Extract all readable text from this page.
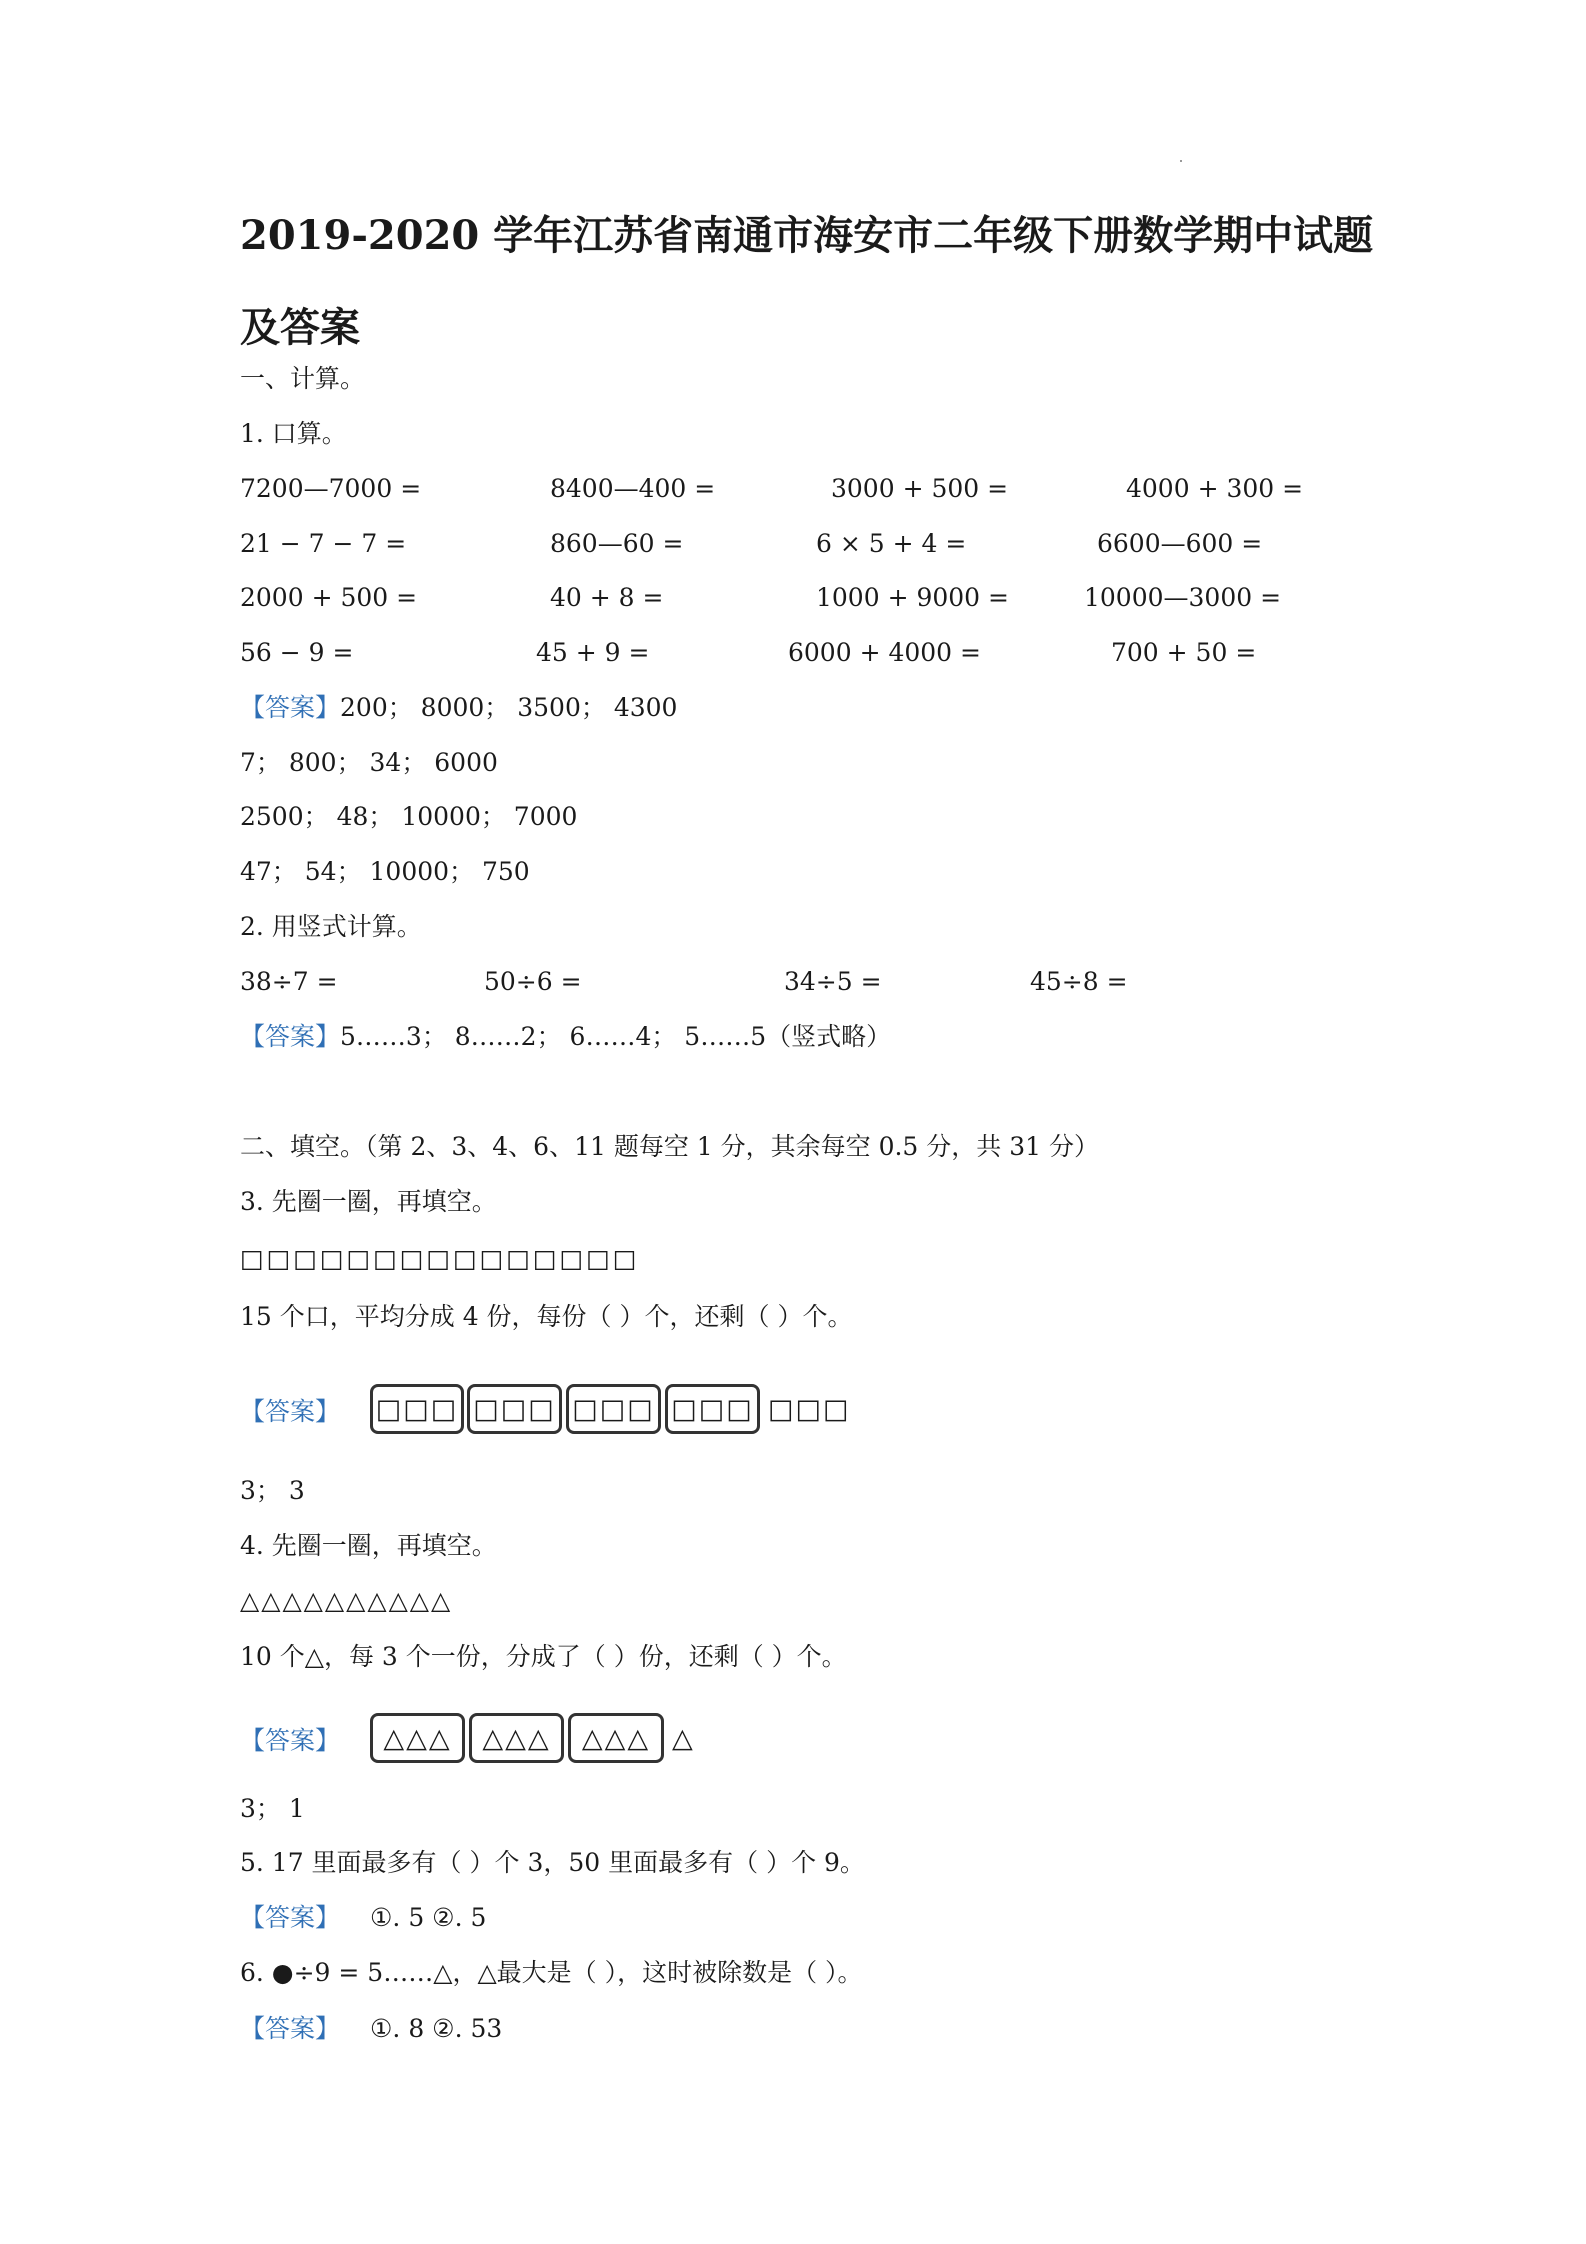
2019-2020 学年江苏省南通市海安市二年级下册数学期中试题及答案
一、计算。
1. 口算。
7200—7000 =	8400—400 =	3000 + 500 =	4000 + 300 =
21 − 7 − 7 =	860—60 =	6 × 5 + 4 =	6600—600 =
2000 + 500 =	40 + 8 =	1000 + 9000 =	10000—3000 =
56 − 9 =	45 + 9 =	6000 + 4000 =	700 + 50 =
【答案】200； 8000； 3500； 4300
7； 800； 34； 6000
2500； 48； 10000； 7000
47； 54； 10000； 750
2. 用竖式计算。
38÷7 =	50÷6 =	34÷5 =	45÷8 =
【答案】5……3； 8……2； 6……4； 5……5（竖式略）
二、填空。（第 2、3、4、6、11 题每空 1 分，其余每空 0.5 分，共 31 分）
3. 先圈一圈，再填空。
□□□□□□□□□□□□□□□
15 个口，平均分成 4 份，每份（ ）个，还剩（ ）个。
【答案】 □□□ □□□ □□□ □□□ □□□
3； 3
4. 先圈一圈，再填空。
△△△△△△△△△△
10 个△，每 3 个一份，分成了（ ）份，还剩（ ）个。
【答案】	△△△	△△△	△△△ △
3； 1
5. 17 里面最多有（ ）个 3，50 里面最多有（ ）个 9。
【答案】 ①. 5 ②. 5
6. ●÷9 = 5……△，△最大是（ ），这时被除数是（ ）。
【答案】 ①. 8 ②. 53
